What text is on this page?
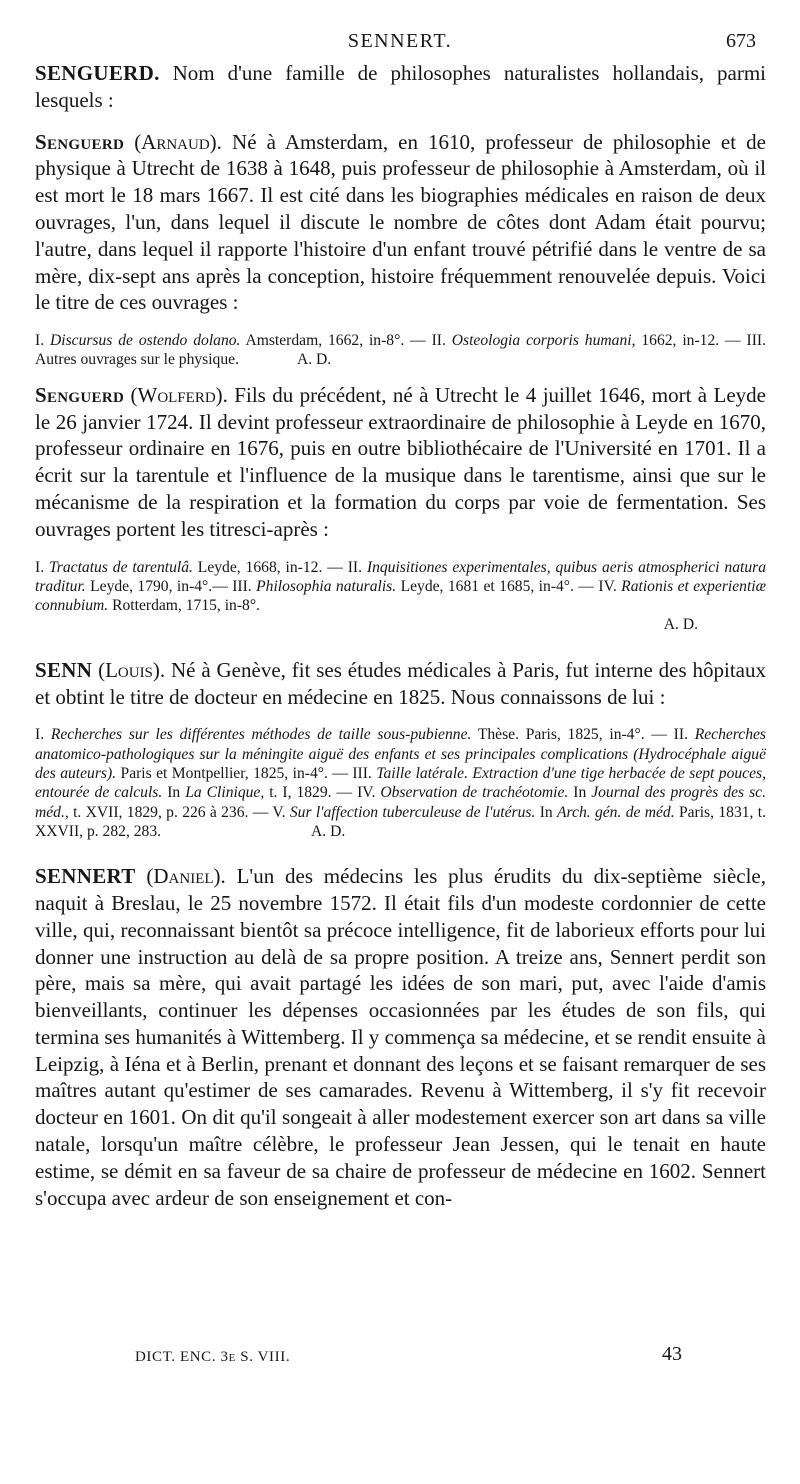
SENNERT.	673

SENGUERD. Nom d'une famille de philosophes naturalistes hollandais, parmi lesquels :

Senguerd (Arnaud). Né à Amsterdam, en 1610, professeur de philosophie et de physique à Utrecht de 1638 à 1648, puis professeur de philosophie à Amsterdam, où il est mort le 18 mars 1667. Il est cité dans les biographies médicales en raison de deux ouvrages, l'un, dans lequel il discute le nombre de côtes dont Adam était pourvu; l'autre, dans lequel il rapporte l'histoire d'un enfant trouvé pétrifié dans le ventre de sa mère, dix-sept ans après la conception, histoire fréquemment renouvelée depuis. Voici le titre de ces ouvrages :

I. Discursus de ostendo dolano. Amsterdam, 1662, in-8°. — II. Osteologia corporis humani, 1662, in-12. — III. Autres ouvrages sur le physique.	A. D.

Senguerd (Wolferd). Fils du précédent, né à Utrecht le 4 juillet 1646, mort à Leyde le 26 janvier 1724. Il devint professeur extraordinaire de philosophie à Leyde en 1670, professeur ordinaire en 1676, puis en outre bibliothécaire de l'Université en 1701. Il a écrit sur la tarentule et l'influence de la musique dans le tarentisme, ainsi que sur le mécanisme de la respiration et la formation du corps par voie de fermentation. Ses ouvrages portent les titresci-après :

I. Tractatus de tarentulâ. Leyde, 1668, in-12. — II. Inquisitiones experimentales, quibus aeris atmospherici natura traditur. Leyde, 1790, in-4°.— III. Philosophia naturalis. Leyde, 1681 et 1685, in-4°. — IV. Rationis et experientiæ connubium. Rotterdam, 1715, in-8°.
A. D.

SENN (Louis). Né à Genève, fit ses études médicales à Paris, fut interne des hôpitaux et obtint le titre de docteur en médecine en 1825. Nous connaissons de lui :

I. Recherches sur les différentes méthodes de taille sous-pubienne. Thèse. Paris, 1825, in-4°. — II. Recherches anatomico-pathologiques sur la méningite aiguë des enfants et ses principales complications (Hydrocéphale aiguë des auteurs). Paris et Montpellier, 1825, in-4°. — III. Taille latérale. Extraction d'une tige herbacée de sept pouces, entourée de calculs. In La Clinique, t. I, 1829. — IV. Observation de trachéotomie. In Journal des progrès des sc. méd., t. XVII, 1829, p. 226 à 236. — V. Sur l'affection tuberculeuse de l'utérus. In Arch. gén. de méd. Paris, 1831, t. XXVII, p. 282, 283.	A. D.

SENNERT (Daniel). L'un des médecins les plus érudits du dix-septième siècle, naquit à Breslau, le 25 novembre 1572. Il était fils d'un modeste cordonnier de cette ville, qui, reconnaissant bientôt sa précoce intelligence, fit de laborieux efforts pour lui donner une instruction au delà de sa propre position. A treize ans, Sennert perdit son père, mais sa mère, qui avait partagé les idées de son mari, put, avec l'aide d'amis bienveillants, continuer les dépenses occasionnées par les études de son fils, qui termina ses humanités à Wittemberg. Il y commença sa médecine, et se rendit ensuite à Leipzig, à Iéna et à Berlin, prenant et donnant des leçons et se faisant remarquer de ses maîtres autant qu'estimer de ses camarades. Revenu à Wittemberg, il s'y fit recevoir docteur en 1601. On dit qu'il songeait à aller modestement exercer son art dans sa ville natale, lorsqu'un maître célèbre, le professeur Jean Jessen, qui le tenait en haute estime, se démit en sa faveur de sa chaire de professeur de médecine en 1602. Sennert s'occupa avec ardeur de son enseignement et con-

DICT. ENC. 3e S. VIII.	43
